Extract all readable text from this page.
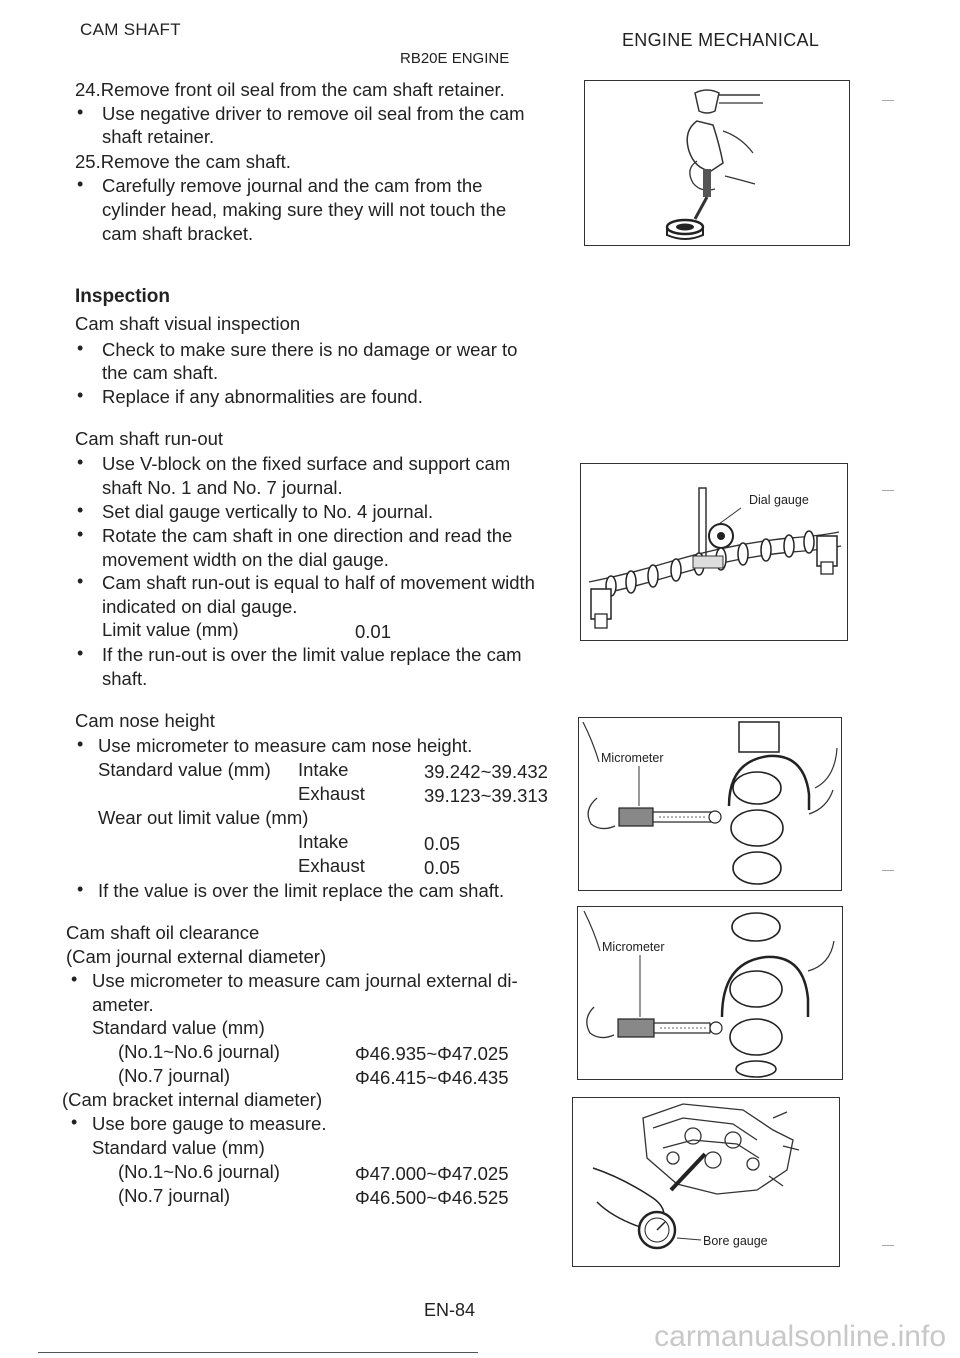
CAM SHAFT
RB20E ENGINE
ENGINE MECHANICAL
24.Remove front oil seal from the cam shaft retainer.
• Use negative driver to remove oil seal from the cam
shaft retainer.
25.Remove the cam shaft.
• Carefully remove journal and the cam from the
cylinder head, making sure they will not touch the
cam shaft bracket.
Inspection
Cam shaft visual inspection
• Check to make sure there is no damage or wear to
the cam shaft.
• Replace if any abnormalities are found.
Cam shaft run-out
• Use V-block on the fixed surface and support cam
shaft No. 1 and No. 7 journal.
• Set dial gauge vertically to No. 4 journal.
• Rotate the cam shaft in one direction and read the
movement width on the dial gauge.
• Cam shaft run-out is equal to half of movement width
indicated on dial gauge.
Limit value (mm)	0.01
• If the run-out is over the limit value replace the cam
shaft.
Dial gauge
Cam nose height
• Use micrometer to measure cam nose height.
Standard value (mm) Intake	39.242~39.432
Exhaust	39.123~39.313
Wear out limit value (mm)
Intake	0.05
Exhaust	0.05
• If the value is over the limit replace the cam shaft.
Micrometer
Cam shaft oil clearance
(Cam journal external diameter)
• Use micrometer to measure cam journal external di-
ameter.
Standard value (mm)
(No.1~No.6 journal)	Φ46.935~Φ47.025
(No.7 journal)	Φ46.415~Φ46.435
(Cam bracket internal diameter)
• Use bore gauge to measure.
Standard value (mm)
(No.1~No.6 journal)	Φ47.000~Φ47.025
(No.7 journal)	Φ46.500~Φ46.525
Micrometer
Bore gauge
EN-84
carmanualsonline.info
